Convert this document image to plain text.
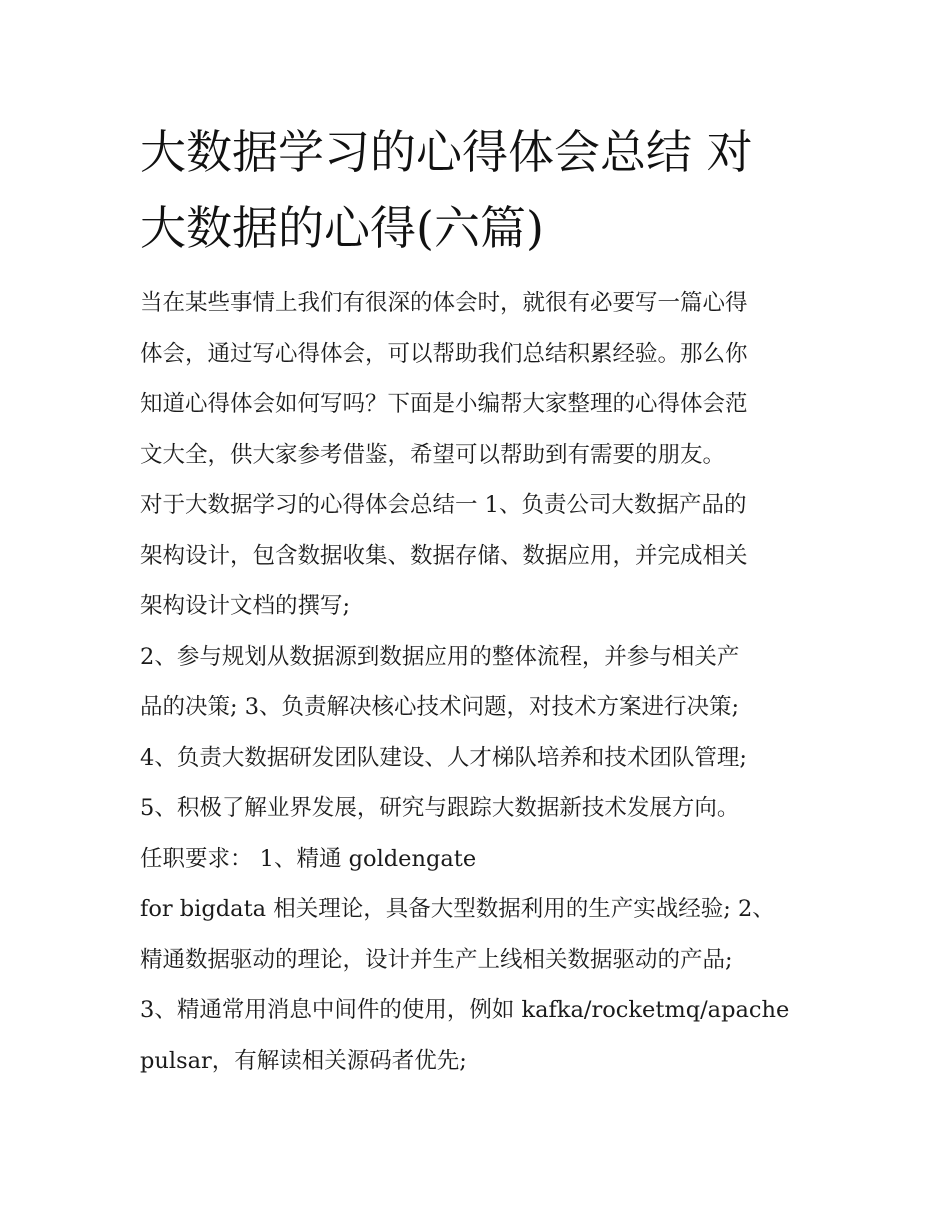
大数据学习的心得体会总结 对
大数据的心得(六篇)
当在某些事情上我们有很深的体会时，就很有必要写一篇心得
体会，通过写心得体会，可以帮助我们总结积累经验。那么你
知道心得体会如何写吗？下面是小编帮大家整理的心得体会范
文大全，供大家参考借鉴，希望可以帮助到有需要的朋友。
对于大数据学习的心得体会总结一 1、负责公司大数据产品的
架构设计，包含数据收集、数据存储、数据应用，并完成相关
架构设计文档的撰写;
2、参与规划从数据源到数据应用的整体流程，并参与相关产
品的决策; 3、负责解决核心技术问题，对技术方案进行决策;
4、负责大数据研发团队建设、人才梯队培养和技术团队管理;
5、积极了解业界发展，研究与跟踪大数据新技术发展方向。
任职要求： 1、精通 goldengate
for bigdata 相关理论，具备大型数据利用的生产实战经验; 2、
精通数据驱动的理论，设计并生产上线相关数据驱动的产品;
3、精通常用消息中间件的使用，例如 kafka/rocketmq/apache
pulsar，有解读相关源码者优先;
